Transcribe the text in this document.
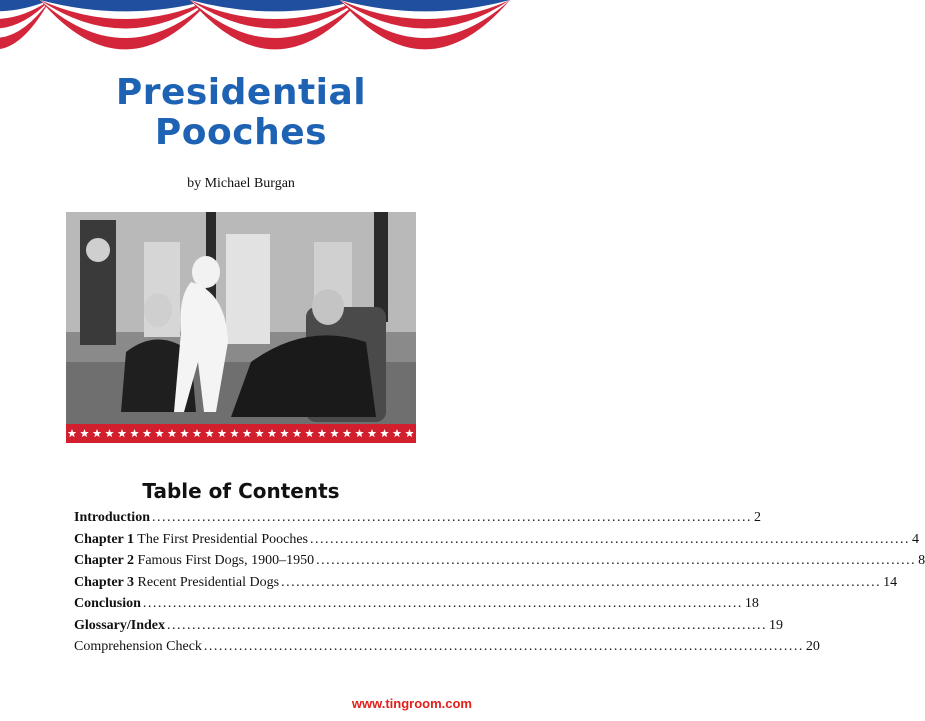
Presidential
Pooches
by Michael Burgan
Table of Contents
Introduction ........................................................................................................................ 2
Chapter 1 The First Presidential Pooches ........................................................................................................................ 4
Chapter 2 Famous First Dogs, 1900–1950 ........................................................................................................................ 8
Chapter 3 Recent Presidential Dogs ........................................................................................................................ 14
Conclusion ........................................................................................................................ 18
Glossary/Index ........................................................................................................................ 19
Comprehension Check ........................................................................................................................ 20
www.tingroom.com
